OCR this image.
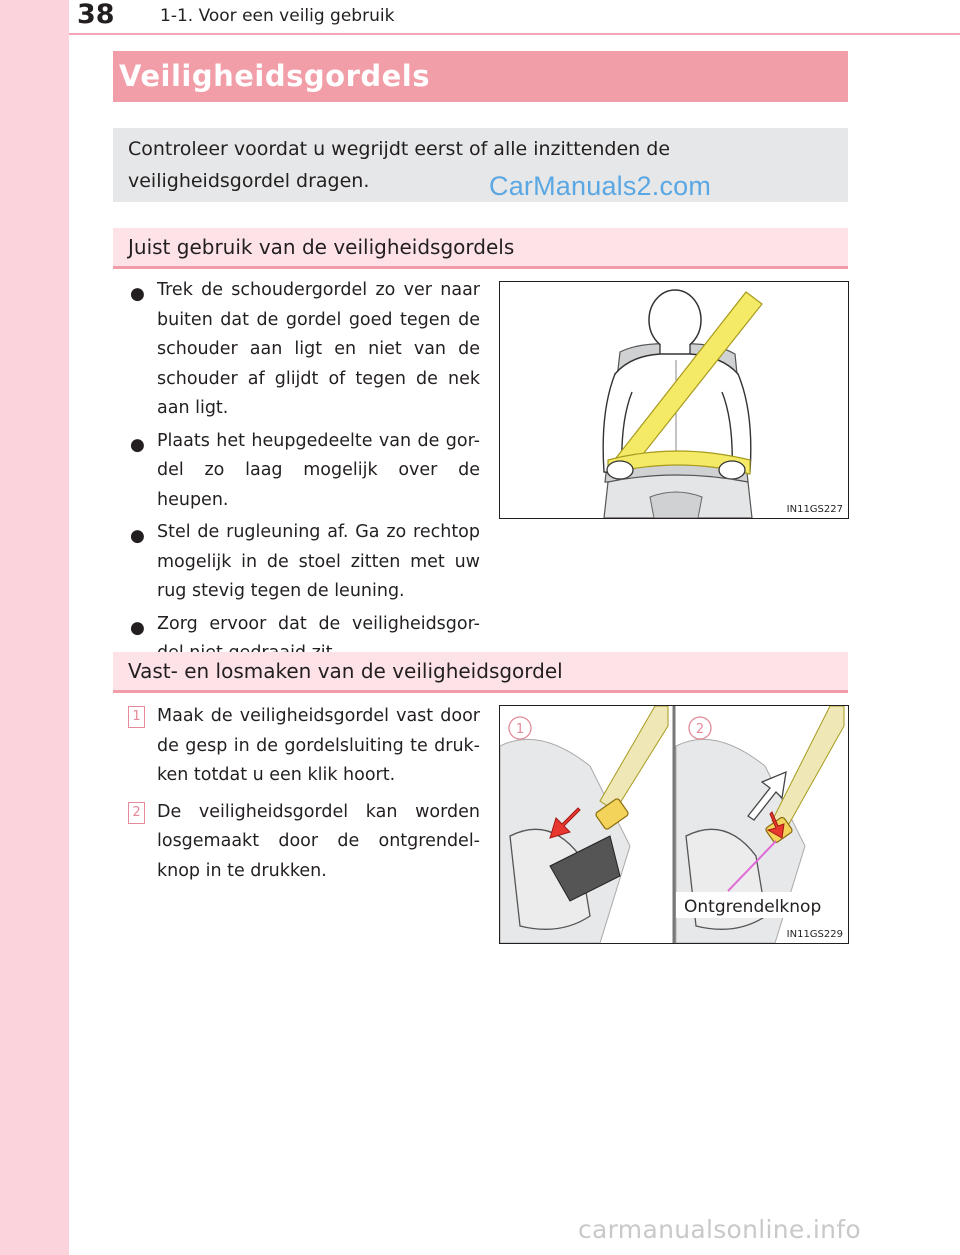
38	1-1. Voor een veilig gebruik
Veiligheidsgordels
Controleer voordat u wegrijdt eerst of alle inzittenden de veiligheidsgordel dragen.	CarManuals2.com
Juist gebruik van de veiligheidsgordels
● Trek de schoudergordel zo ver naar buiten dat de gordel goed tegen de schouder aan ligt en niet van de schouder af glijdt of tegen de nek aan ligt.
● Plaats het heupgedeelte van de gor-del zo laag mogelijk over de heupen.
● Stel de rugleuning af. Ga zo rechtop mogelijk in de stoel zitten met uw rug stevig tegen de leuning.
● Zorg ervoor dat de veiligheidsgor-
IN11GS227
Vast- en losmaken van de veiligheidsgordel
1 Maak de veiligheidsgordel vast door de gesp in de gordelsluiting te druk-ken totdat u een klik hoort.
2 De veiligheidsgordel kan worden losgemaakt door de ontgrendel-knop in te drukken.
1	2
Ontgrendelknop
IN11GS229
carmanualsonline.info
